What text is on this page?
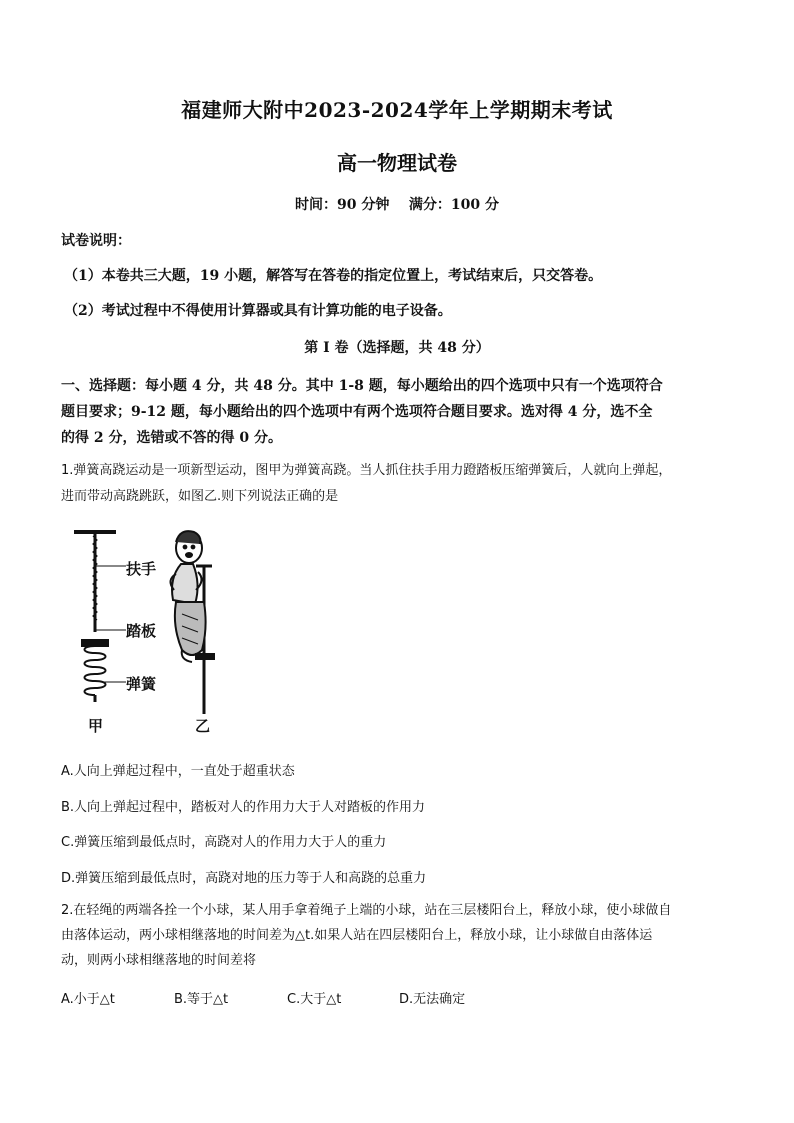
福建师大附中2023-2024学年上学期期末考试
高一物理试卷
时间：90 分钟    满分：100 分
试卷说明：
（1）本卷共三大题，19 小题，解答写在答卷的指定位置上，考试结束后，只交答卷。
（2）考试过程中不得使用计算器或具有计算功能的电子设备。
第 I 卷（选择题，共 48 分）
一、选择题：每小题 4 分，共 48 分。其中 1-8 题，每小题给出的四个选项中只有一个选项符合
题目要求；9-12 题，每小题给出的四个选项中有两个选项符合题目要求。选对得 4 分，选不全
的得 2 分，选错或不答的得 0 分。
1.弹簧高跷运动是一项新型运动，图甲为弹簧高跷。当人抓住扶手用力蹬踏板压缩弹簧后，人就向上弹起，
进而带动高跷跳跃，如图乙.则下列说法正确的是
扶手
踏板
弹簧
甲	乙
A.人向上弹起过程中，一直处于超重状态
B.人向上弹起过程中，踏板对人的作用力大于人对踏板的作用力
C.弹簧压缩到最低点时，高跷对人的作用力大于人的重力
D.弹簧压缩到最低点时，高跷对地的压力等于人和高跷的总重力
2.在轻绳的两端各拴一个小球，某人用手拿着绳子上端的小球，站在三层楼阳台上，释放小球，使小球做自
由落体运动，两小球相继落地的时间差为△t.如果人站在四层楼阳台上，释放小球，让小球做自由落体运
动，则两小球相继落地的时间差将
A.小于△t	B.等于△t	C.大于△t	D.无法确定
